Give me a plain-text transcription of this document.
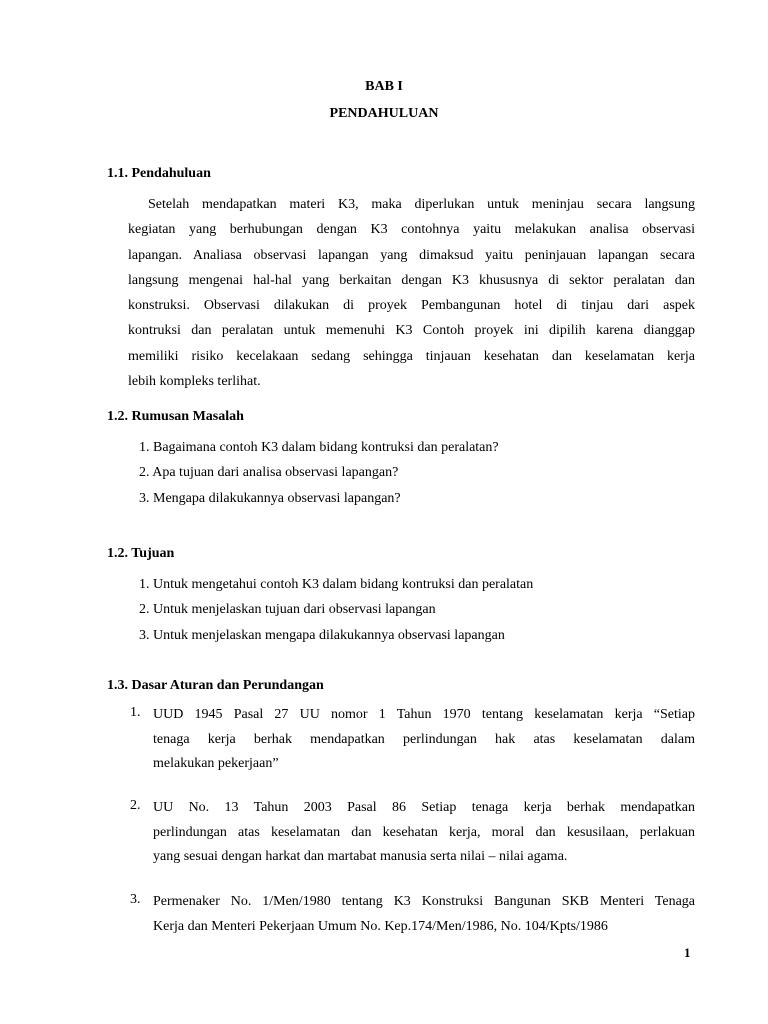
BAB I
PENDAHULUAN
1.1. Pendahuluan
Setelah mendapatkan materi K3, maka diperlukan untuk meninjau secara langsung
kegiatan yang berhubungan dengan K3 contohnya yaitu melakukan analisa observasi
lapangan. Analiasa observasi lapangan yang dimaksud yaitu peninjauan lapangan secara
langsung mengenai hal-hal yang berkaitan dengan K3 khususnya di sektor peralatan dan
konstruksi. Observasi dilakukan di proyek Pembangunan hotel di tinjau dari aspek
kontruksi dan peralatan untuk memenuhi K3 Contoh proyek ini dipilih karena dianggap
memiliki risiko kecelakaan sedang sehingga tinjauan kesehatan dan keselamatan kerja
lebih kompleks terlihat.
1.2. Rumusan Masalah
1. Bagaimana contoh K3 dalam bidang kontruksi dan peralatan?
2. Apa tujuan dari analisa observasi lapangan?
3. Mengapa dilakukannya observasi lapangan?
1.2. Tujuan
1. Untuk mengetahui contoh K3 dalam bidang kontruksi dan peralatan
2. Untuk menjelaskan tujuan dari observasi lapangan
3. Untuk menjelaskan mengapa dilakukannya observasi lapangan
1.3. Dasar Aturan dan Perundangan
1. UUD 1945 Pasal 27 UU nomor 1 Tahun 1970 tentang keselamatan kerja “Setiap
tenaga kerja berhak mendapatkan perlindungan hak atas keselamatan dalam
melakukan pekerjaan”
2. UU No. 13 Tahun 2003 Pasal 86 Setiap tenaga kerja berhak mendapatkan
perlindungan atas keselamatan dan kesehatan kerja, moral dan kesusilaan, perlakuan
yang sesuai dengan harkat dan martabat manusia serta nilai – nilai agama.
3. Permenaker No. 1/Men/1980 tentang K3 Konstruksi Bangunan SKB Menteri Tenaga
Kerja dan Menteri Pekerjaan Umum No. Kep.174/Men/1986, No. 104/Kpts/1986
1
